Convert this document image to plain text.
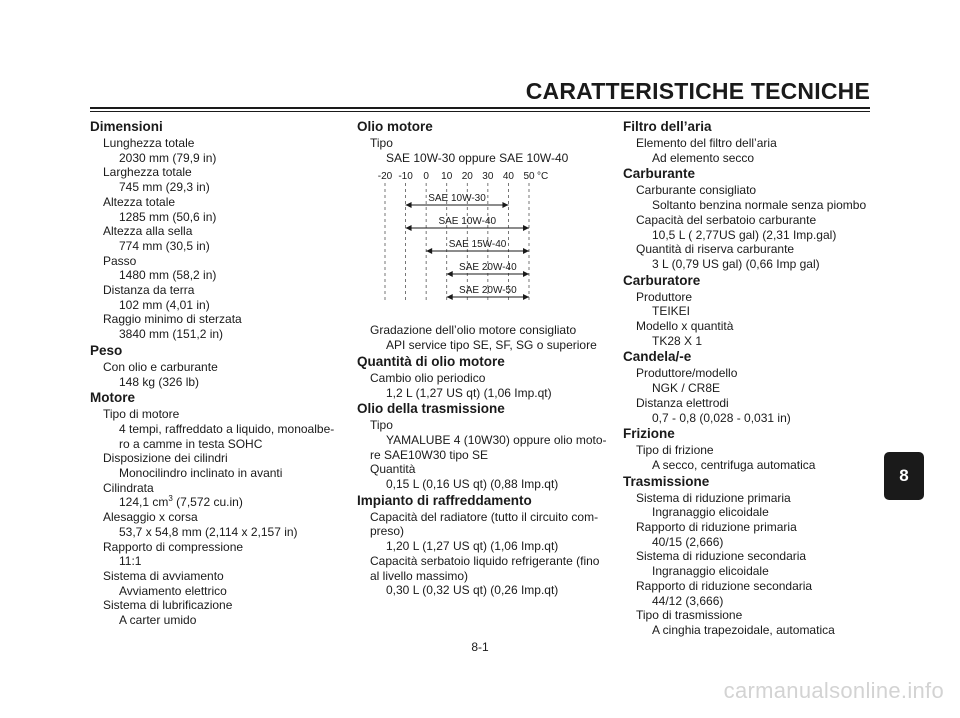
CARATTERISTICHE TECNICHE
Dimensioni
Lunghezza totale
2030 mm (79,9 in)
Larghezza totale
745 mm (29,3 in)
Altezza totale
1285 mm (50,6 in)
Altezza alla sella
774 mm (30,5 in)
Passo
1480 mm (58,2 in)
Distanza da terra
102 mm (4,01 in)
Raggio minimo di sterzata
3840 mm (151,2 in)
Peso
Con olio e carburante
148 kg (326 lb)
Motore
Tipo di motore
4 tempi, raffreddato a liquido, monoalbe-
ro a camme in testa SOHC
Disposizione dei cilindri
Monocilindro inclinato in avanti
Cilindrata
124,1 $cm^3$ (7,572 cu.in)
Alesaggio x corsa
53,7 x 54,8 mm (2,114 x 2,157 in)
Rapporto di compressione
11:1
Sistema di avviamento
Avviamento elettrico
Sistema di lubrificazione
A carter umido
Olio motore
Tipo
SAE 10W-30 oppure SAE 10W-40
-20 -10 0 10 20 30 40 50 °C
SAE 10W-30
SAE 10W-40
SAE 15W-40
SAE 20W-40
SAE 20W-50
Gradazione dell’olio motore consigliato
API service tipo SE, SF, SG o superiore
Quantità di olio motore
Cambio olio periodico
1,2 L (1,27 US qt) (1,06 Imp.qt)
Olio della trasmissione
Tipo
YAMALUBE 4 (10W30) oppure olio moto-
re SAE10W30 tipo SE
Quantità
0,15 L (0,16 US qt) (0,88 Imp.qt)
Impianto di raffreddamento
Capacità del radiatore (tutto il circuito com-
preso)
1,20 L (1,27 US qt) (1,06 Imp.qt)
Capacità serbatoio liquido refrigerante (fino
al livello massimo)
0,30 L (0,32 US qt) (0,26 Imp.qt)
Filtro dell’aria
Elemento del filtro dell’aria
Ad elemento secco
Carburante
Carburante consigliato
Soltanto benzina normale senza piombo
Capacità del serbatoio carburante
10,5 L ( 2,77US gal) (2,31 Imp.gal)
Quantità di riserva carburante
3 L (0,79 US gal) (0,66 Imp gal)
Carburatore
Produttore
TEIKEI
Modello x quantità
TK28 X 1
Candela/-e
Produttore/modello
NGK / CR8E
Distanza elettrodi
0,7 - 0,8 (0,028 - 0,031 in)
Frizione
Tipo di frizione
A secco, centrifuga automatica
Trasmissione
Sistema di riduzione primaria
Ingranaggio elicoidale
Rapporto di riduzione primaria
40/15 (2,666)
Sistema di riduzione secondaria
Ingranaggio elicoidale
Rapporto di riduzione secondaria
44/12 (3,666)
Tipo di trasmissione
A cinghia trapezoidale, automatica
8
8-1
carmanualsonline.info
